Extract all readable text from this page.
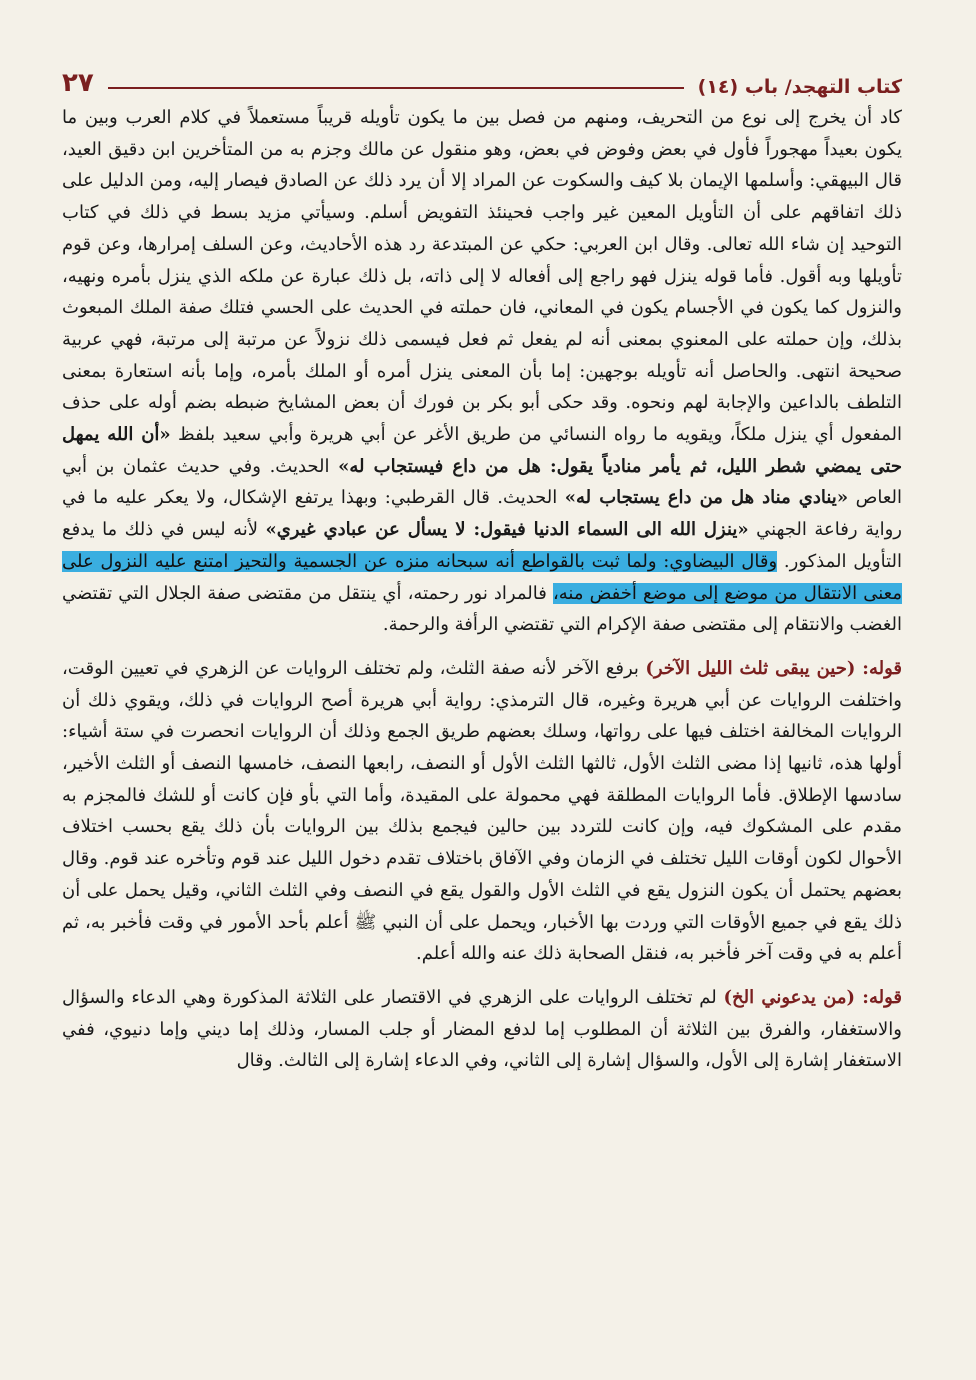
كتاب التهجد/ باب (١٤)
٢٧

كاد أن يخرج إلى نوع من التحريف، ومنهم من فصل بين ما يكون تأويله قريباً مستعملاً في كلام العرب وبين ما يكون بعيداً مهجوراً فأول في بعض وفوض في بعض، وهو منقول عن مالك وجزم به من المتأخرين ابن دقيق العيد، قال البيهقي: وأسلمها الإيمان بلا كيف والسكوت عن المراد إلا أن يرد ذلك عن الصادق فيصار إليه، ومن الدليل على ذلك اتفاقهم على أن التأويل المعين غير واجب فحينئذ التفويض أسلم. وسيأتي مزيد بسط في ذلك في كتاب التوحيد إن شاء الله تعالى. وقال ابن العربي: حكي عن المبتدعة رد هذه الأحاديث، وعن السلف إمرارها، وعن قوم تأويلها وبه أقول. فأما قوله ينزل فهو راجع إلى أفعاله لا إلى ذاته، بل ذلك عبارة عن ملكه الذي ينزل بأمره ونهيه، والنزول كما يكون في الأجسام يكون في المعاني، فان حملته في الحديث على الحسي فتلك صفة الملك المبعوث بذلك، وإن حملته على المعنوي بمعنى أنه لم يفعل ثم فعل فيسمى ذلك نزولاً عن مرتبة إلى مرتبة، فهي عربية صحيحة انتهى. والحاصل أنه تأويله بوجهين: إما بأن المعنى ينزل أمره أو الملك بأمره، وإما بأنه استعارة بمعنى التلطف بالداعين والإجابة لهم ونحوه. وقد حكى أبو بكر بن فورك أن بعض المشايخ ضبطه بضم أوله على حذف المفعول أي ينزل ملكاً، ويقويه ما رواه النسائي من طريق الأغر عن أبي هريرة وأبي سعيد بلفظ «أن الله يمهل حتى يمضي شطر الليل، ثم يأمر منادياً يقول: هل من داع فيستجاب له» الحديث. وفي حديث عثمان بن أبي العاص «ينادي مناد هل من داع يستجاب له» الحديث. قال القرطبي: وبهذا يرتفع الإشكال، ولا يعكر عليه ما في رواية رفاعة الجهني «ينزل الله الى السماء الدنيا فيقول: لا يسأل عن عبادي غيري» لأنه ليس في ذلك ما يدفع التأويل المذكور. وقال البيضاوي: ولما ثبت بالقواطع أنه سبحانه منزه عن الجسمية والتحيز امتنع عليه النزول على معنى الانتقال من موضع إلى موضع أخفض منه، فالمراد نور رحمته، أي ينتقل من مقتضى صفة الجلال التي تقتضي الغضب والانتقام إلى مقتضى صفة الإكرام التي تقتضي الرأفة والرحمة.

قوله: (حين يبقى ثلث الليل الآخر) برفع الآخر لأنه صفة الثلث، ولم تختلف الروايات عن الزهري في تعيين الوقت، واختلفت الروايات عن أبي هريرة وغيره، قال الترمذي: رواية أبي هريرة أصح الروايات في ذلك، ويقوي ذلك أن الروايات المخالفة اختلف فيها على رواتها، وسلك بعضهم طريق الجمع وذلك أن الروايات انحصرت في ستة أشياء: أولها هذه، ثانيها إذا مضى الثلث الأول، ثالثها الثلث الأول أو النصف، رابعها النصف، خامسها النصف أو الثلث الأخير، سادسها الإطلاق. فأما الروايات المطلقة فهي محمولة على المقيدة، وأما التي بأو فإن كانت أو للشك فالمجزم به مقدم على المشكوك فيه، وإن كانت للتردد بين حالين فيجمع بذلك بين الروايات بأن ذلك يقع بحسب اختلاف الأحوال لكون أوقات الليل تختلف في الزمان وفي الآفاق باختلاف تقدم دخول الليل عند قوم وتأخره عند قوم. وقال بعضهم يحتمل أن يكون النزول يقع في الثلث الأول والقول يقع في النصف وفي الثلث الثاني، وقيل يحمل على أن ذلك يقع في جميع الأوقات التي وردت بها الأخبار، ويحمل على أن النبي ﷺ أعلم بأحد الأمور في وقت فأخبر به، ثم أعلم به في وقت آخر فأخبر به، فنقل الصحابة ذلك عنه والله أعلم.

قوله: (من يدعوني الخ) لم تختلف الروايات على الزهري في الاقتصار على الثلاثة المذكورة وهي الدعاء والسؤال والاستغفار، والفرق بين الثلاثة أن المطلوب إما لدفع المضار أو جلب المسار، وذلك إما ديني وإما دنيوي، ففي الاستغفار إشارة إلى الأول، والسؤال إشارة إلى الثاني، وفي الدعاء إشارة إلى الثالث. وقال
